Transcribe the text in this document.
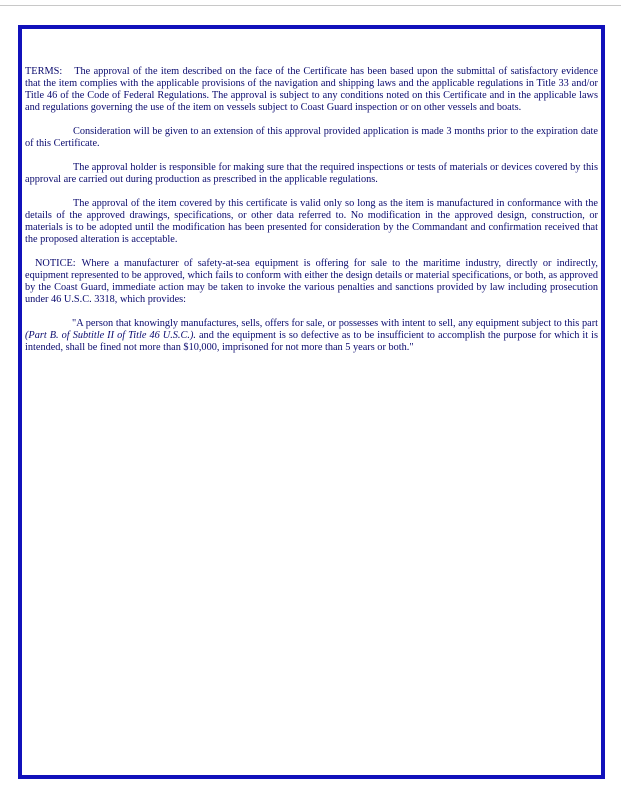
TERMS: The approval of the item described on the face of the Certificate has been based upon the submittal of satisfactory evidence that the item complies with the applicable provisions of the navigation and shipping laws and the applicable regulations in Title 33 and/or Title 46 of the Code of Federal Regulations. The approval is subject to any conditions noted on this Certificate and in the applicable laws and regulations governing the use of the item on vessels subject to Coast Guard inspection or on other vessels and boats.

Consideration will be given to an extension of this approval provided application is made 3 months prior to the expiration date of this Certificate.

The approval holder is responsible for making sure that the required inspections or tests of materials or devices covered by this approval are carried out during production as prescribed in the applicable regulations.

The approval of the item covered by this certificate is valid only so long as the item is manufactured in conformance with the details of the approved drawings, specifications, or other data referred to. No modification in the approved design, construction, or materials is to be adopted until the modification has been presented for consideration by the Commandant and confirmation received that the proposed alteration is acceptable.

NOTICE: Where a manufacturer of safety-at-sea equipment is offering for sale to the maritime industry, directly or indirectly, equipment represented to be approved, which fails to conform with either the design details or material specifications, or both, as approved by the Coast Guard, immediate action may be taken to invoke the various penalties and sanctions provided by law including prosecution under 46 U.S.C. 3318, which provides:

"A person that knowingly manufactures, sells, offers for sale, or possesses with intent to sell, any equipment subject to this part (Part B. of Subtitle II of Title 46 U.S.C.). and the equipment is so defective as to be insufficient to accomplish the purpose for which it is intended, shall be fined not more than $10,000, imprisoned for not more than 5 years or both."
